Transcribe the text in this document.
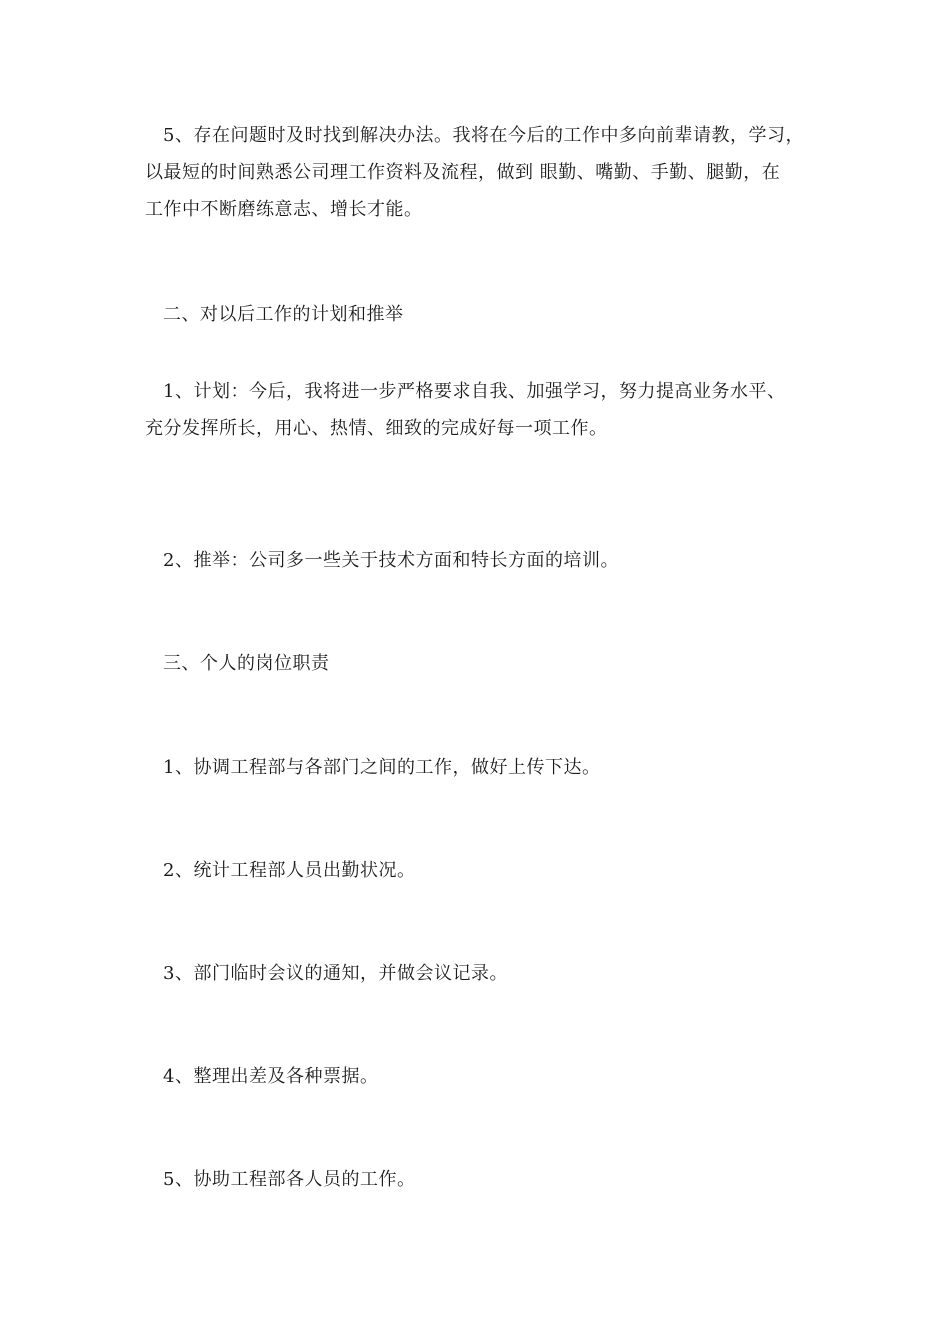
5、存在问题时及时找到解决办法。我将在今后的工作中多向前辈请教，学习，
以最短的时间熟悉公司理工作资料及流程，做到 眼勤、嘴勤、手勤、腿勤，在
工作中不断磨练意志、增长才能。

二、对以后工作的计划和推举

1、计划：今后，我将进一步严格要求自我、加强学习，努力提高业务水平、
充分发挥所长，用心、热情、细致的完成好每一项工作。

2、推举：公司多一些关于技术方面和特长方面的培训。

三、个人的岗位职责

1、协调工程部与各部门之间的工作，做好上传下达。

2、统计工程部人员出勤状况。

3、部门临时会议的通知，并做会议记录。

4、整理出差及各种票据。

5、协助工程部各人员的工作。
